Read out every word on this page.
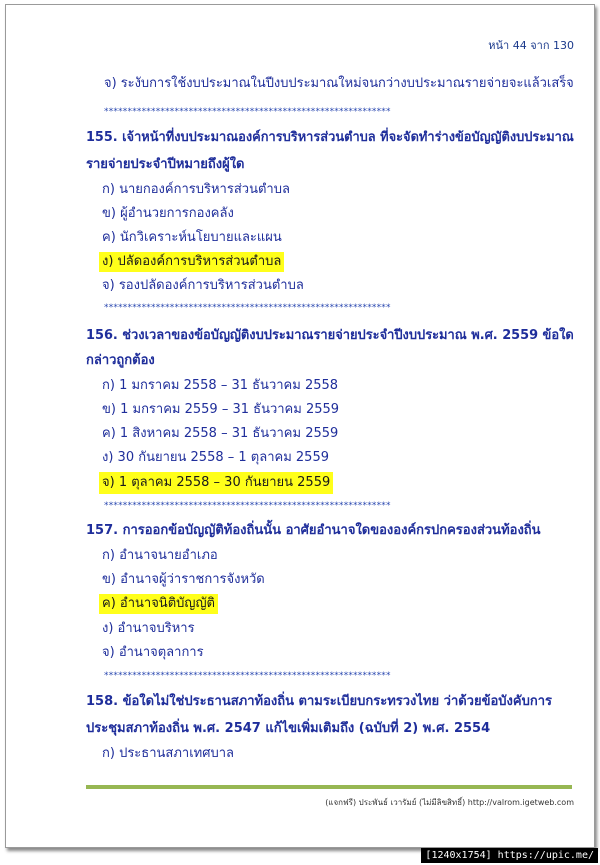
หน้า 44 จาก 130
จ) ระงับการใช้งบประมาณในปีงบประมาณใหม่จนกว่างบประมาณรายจ่ายจะแล้วเสร็จ
*************************************************************
155. เจ้าหน้าที่งบประมาณองค์การบริหารส่วนตำบล ที่จะจัดทำร่างข้อบัญญัติงบประมาณ
รายจ่ายประจำปีหมายถึงผู้ใด
ก) นายกองค์การบริหารส่วนตำบล
ข) ผู้อำนวยการกองคลัง
ค) นักวิเคราะห์นโยบายและแผน
ง) ปลัดองค์การบริหารส่วนตำบล
จ) รองปลัดองค์การบริหารส่วนตำบล
*************************************************************
156. ช่วงเวลาของข้อบัญญัติงบประมาณรายจ่ายประจำปีงบประมาณ พ.ศ. 2559 ข้อใด
กล่าวถูกต้อง
ก) 1 มกราคม 2558 – 31 ธันวาคม 2558
ข) 1 มกราคม 2559 – 31 ธันวาคม 2559
ค) 1 สิงหาคม 2558 – 31 ธันวาคม 2559
ง) 30 กันยายน 2558 – 1 ตุลาคม 2559
จ) 1 ตุลาคม 2558 – 30 กันยายน 2559
*************************************************************
157. การออกข้อบัญญัติท้องถิ่นนั้น อาศัยอำนาจใดขององค์กรปกครองส่วนท้องถิ่น
ก) อำนาจนายอำเภอ
ข) อำนาจผู้ว่าราชการจังหวัด
ค) อำนาจนิติบัญญัติ
ง) อำนาจบริหาร
จ) อำนาจตุลาการ
*************************************************************
158. ข้อใดไม่ใช่ประธานสภาท้องถิ่น ตามระเบียบกระทรวงไทย ว่าด้วยข้อบังคับการ
ประชุมสภาท้องถิ่น พ.ศ. 2547 แก้ไขเพิ่มเติมถึง (ฉบับที่ 2) พ.ศ. 2554
ก) ประธานสภาเทศบาล
(แจกฟรี) ประพันธ์ เวารัมย์ (ไม่มีลิขสิทธิ์) http://valrom.igetweb.com
[1240x1754] https://upic.me/
